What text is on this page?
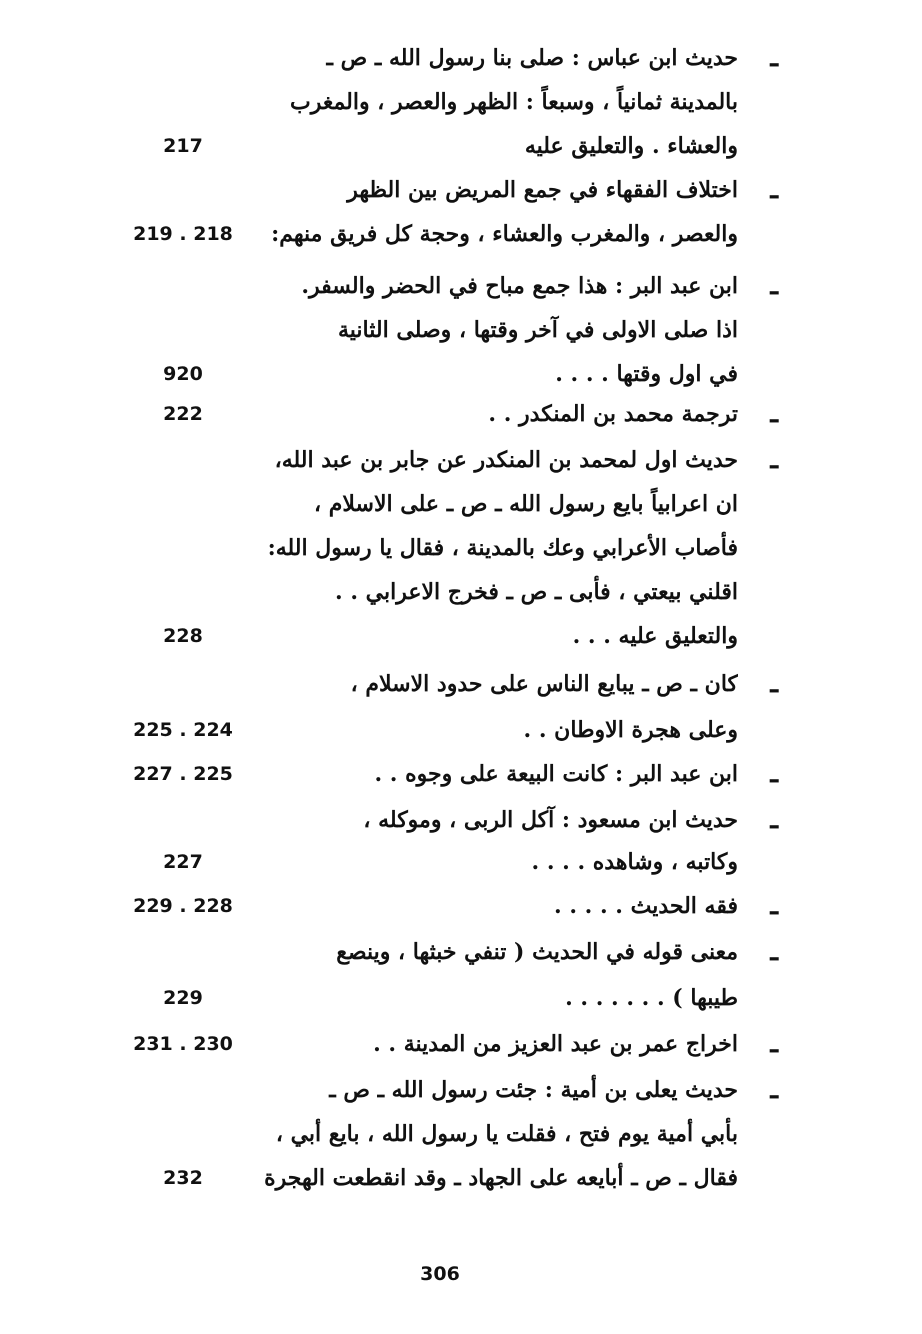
ـ
حديث ابن عباس : صلى بنا رسول الله ـ ص ـ
بالمدينة ثمانياً ، وسبعاً : الظهر والعصر ، والمغرب
والعشاء . والتعليق عليه
217
ـ
اختلاف الفقهاء في جمع المريض بين الظهر
والعصر ، والمغرب والعشاء ، وحجة كل فريق منهم:
219 . 218
ـ
ابن عبد البر : هذا جمع مباح في الحضر والسفر.
اذا صلى الاولى في آخر وقتها ، وصلى الثانية
في اول وقتها . . . .
920
ـ
ترجمة محمد بن المنكدر . .
222
ـ
حديث اول لمحمد بن المنكدر عن جابر بن عبد الله،
ان اعرابياً بايع رسول الله ـ ص ـ على الاسلام ،
فأصاب الأعرابي وعك بالمدينة ، فقال يا رسول الله:
اقلني بيعتي ، فأبى ـ ص ـ فخرج الاعرابي . .
والتعليق عليه . . .
228
ـ
كان ـ ص ـ يبايع الناس على حدود الاسلام ،
وعلى هجرة الاوطان . .
225 . 224
ـ
ابن عبد البر : كانت البيعة على وجوه . .
227 . 225
ـ
حديث ابن مسعود : آكل الربى ، وموكله ،
وكاتبه ، وشاهده . . . .
227
ـ
فقه الحديث . . . . .
229 . 228
ـ
معنى قوله في الحديث ( تنفي خبثها ، وينصع
طيبها ) . . . . . . .
229
ـ
اخراج عمر بن عبد العزيز من المدينة . .
231 . 230
ـ
حديث يعلى بن أمية : جئت رسول الله ـ ص ـ
بأبي أمية يوم فتح ، فقلت يا رسول الله ، بايع أبي ،
فقال ـ ص ـ أبايعه على الجهاد ـ وقد انقطعت الهجرة
232
306
